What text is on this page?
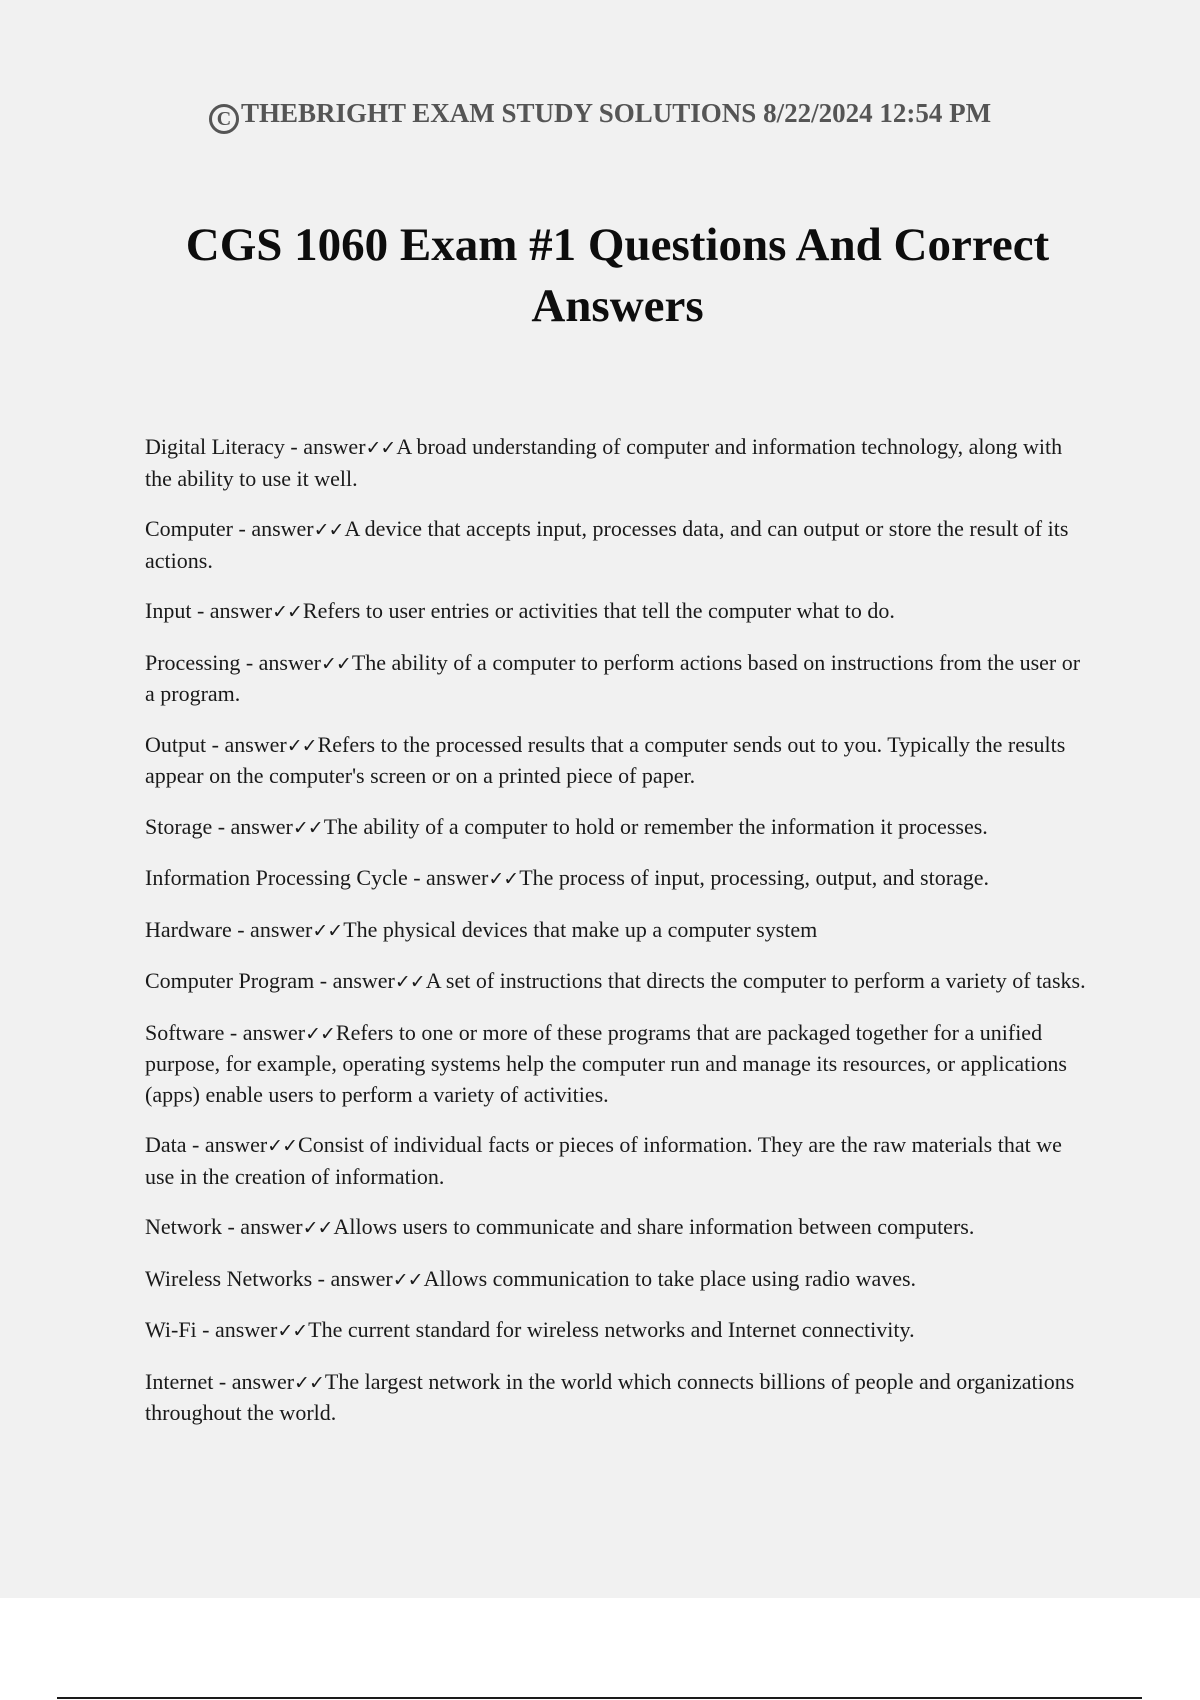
C THEBRIGHT EXAM STUDY SOLUTIONS 8/22/2024 12:54 PM
CGS 1060 Exam #1 Questions And Correct Answers

Digital Literacy - answer✓✓A broad understanding of computer and information technology, along with the ability to use it well.

Computer - answer✓✓A device that accepts input, processes data, and can output or store the result of its actions.

Input - answer✓✓Refers to user entries or activities that tell the computer what to do.

Processing - answer✓✓The ability of a computer to perform actions based on instructions from the user or a program.

Output - answer✓✓Refers to the processed results that a computer sends out to you. Typically the results appear on the computer's screen or on a printed piece of paper.

Storage - answer✓✓The ability of a computer to hold or remember the information it processes.

Information Processing Cycle - answer✓✓The process of input, processing, output, and storage.

Hardware - answer✓✓The physical devices that make up a computer system

Computer Program - answer✓✓A set of instructions that directs the computer to perform a variety of tasks.

Software - answer✓✓Refers to one or more of these programs that are packaged together for a unified purpose, for example, operating systems help the computer run and manage its resources, or applications (apps) enable users to perform a variety of activities.

Data - answer✓✓Consist of individual facts or pieces of information. They are the raw materials that we use in the creation of information.

Network - answer✓✓Allows users to communicate and share information between computers.

Wireless Networks - answer✓✓Allows communication to take place using radio waves.

Wi-Fi - answer✓✓The current standard for wireless networks and Internet connectivity.

Internet - answer✓✓The largest network in the world which connects billions of people and organizations throughout the world.
